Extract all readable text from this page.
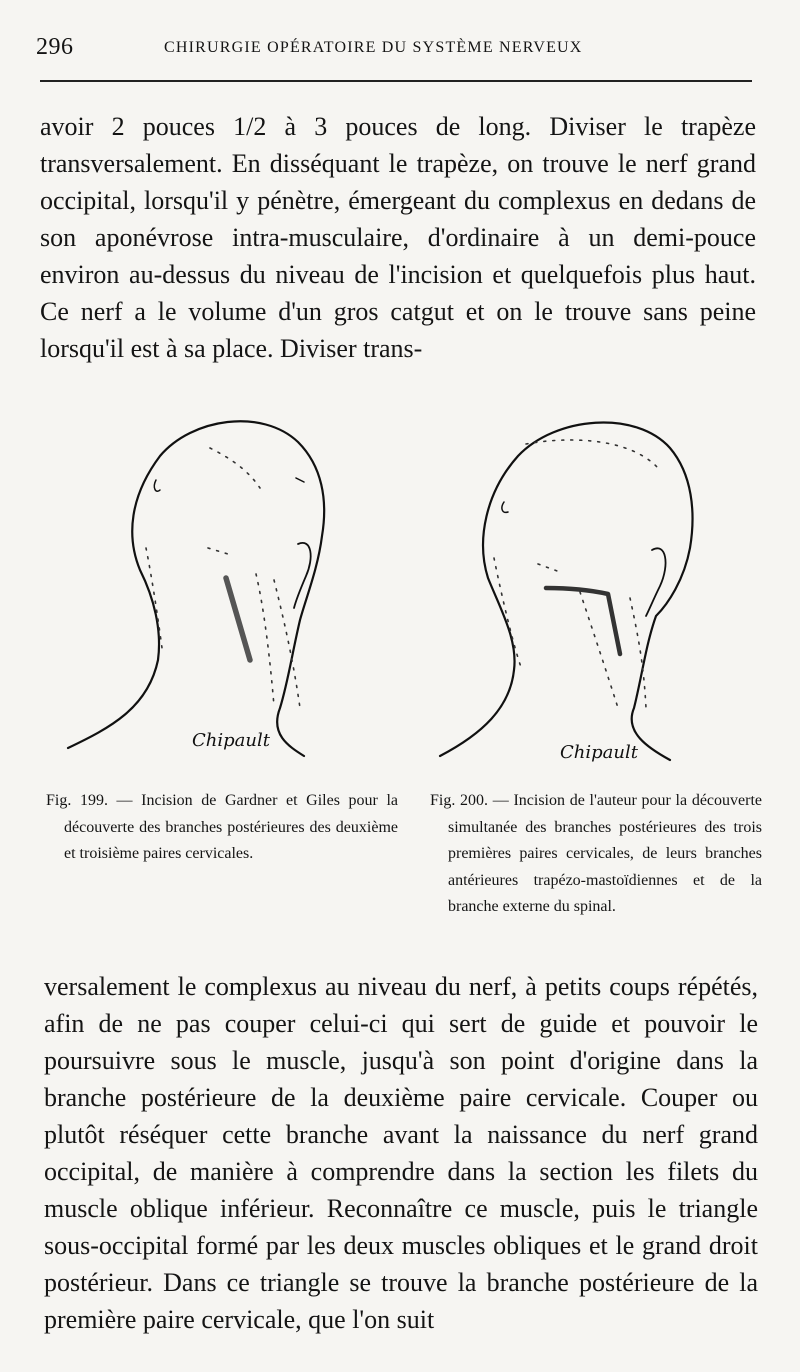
296	CHIRURGIE OPÉRATOIRE DU SYSTÈME NERVEUX

avoir 2 pouces 1/2 à 3 pouces de long. Diviser le trapèze transversalement. En disséquant le trapèze, on trouve le nerf grand occipital, lorsqu'il y pénètre, émergeant du complexus en dedans de son aponévrose intra-musculaire, d'ordinaire à un demi-pouce environ au-dessus du niveau de l'incision et quelquefois plus haut. Ce nerf a le volume d'un gros catgut et on le trouve sans peine lorsqu'il est à sa place. Diviser trans-

Chipault
Chipault

Fig. 199. — Incision de Gardner et Giles pour la découverte des branches postérieures des deuxième et troisième paires cervicales.

Fig. 200. — Incision de l'auteur pour la découverte simultanée des branches postérieures des trois premières paires cervicales, de leurs branches antérieures trapézo-mastoïdiennes et de la branche externe du spinal.

versalement le complexus au niveau du nerf, à petits coups répétés, afin de ne pas couper celui-ci qui sert de guide et pouvoir le poursuivre sous le muscle, jusqu'à son point d'origine dans la branche postérieure de la deuxième paire cervicale. Couper ou plutôt réséquer cette branche avant la naissance du nerf grand occipital, de manière à comprendre dans la section les filets du muscle oblique inférieur. Reconnaître ce muscle, puis le triangle sous-occipital formé par les deux muscles obliques et le grand droit postérieur. Dans ce triangle se trouve la branche postérieure de la première paire cervicale, que l'on suit
